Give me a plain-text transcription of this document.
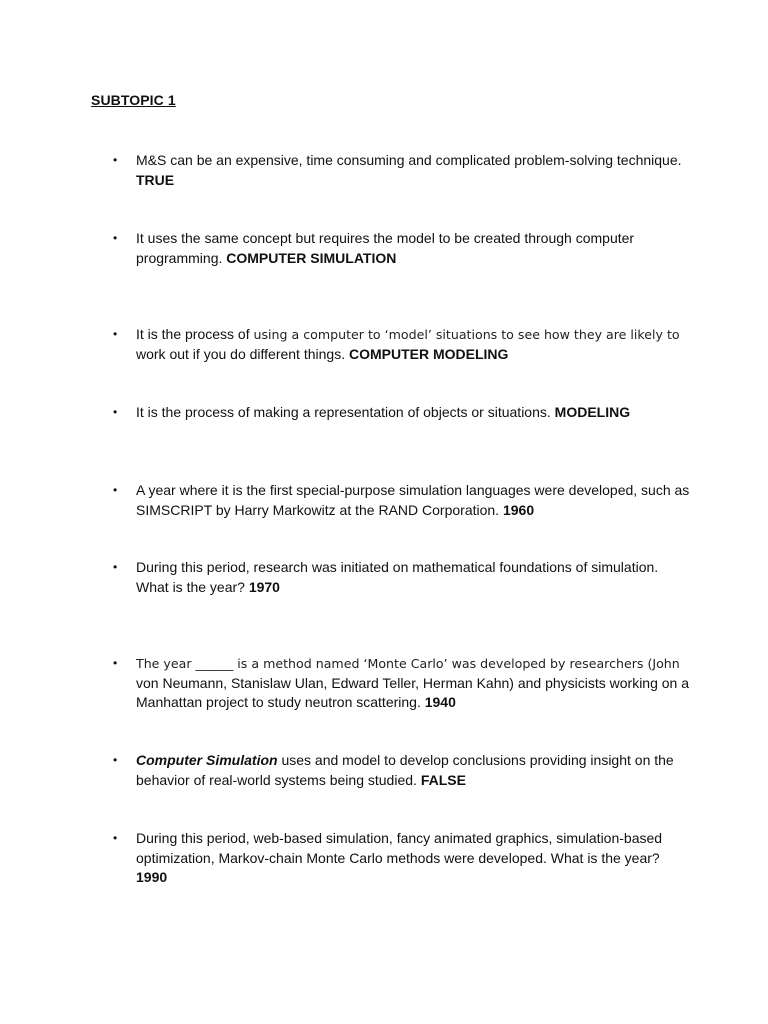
SUBTOPIC 1
•	M&S can be an expensive, time consuming and complicated problem-solving technique.
TRUE
•	It uses the same concept but requires the model to be created through computer programming. COMPUTER SIMULATION
•	It is the process of using a computer to ‘model’ situations to see how they are likely to
work out if you do different things. COMPUTER MODELING
•	It is the process of making a representation of objects or situations. MODELING
•	A year where it is the first special-purpose simulation languages were developed, such as SIMSCRIPT by Harry Markowitz at the RAND Corporation. 1960
•	During this period, research was initiated on mathematical foundations of simulation. What is the year? 1970
•	The year ______ is a method named ‘Monte Carlo’ was developed by researchers (John
von Neumann, Stanislaw Ulan, Edward Teller, Herman Kahn) and physicists working on a Manhattan project to study neutron scattering. 1940
•	Computer Simulation uses and model to develop conclusions providing insight on the behavior of real-world systems being studied. FALSE
•	During this period, web-based simulation, fancy animated graphics, simulation-based optimization, Markov-chain Monte Carlo methods were developed. What is the year?
1990
